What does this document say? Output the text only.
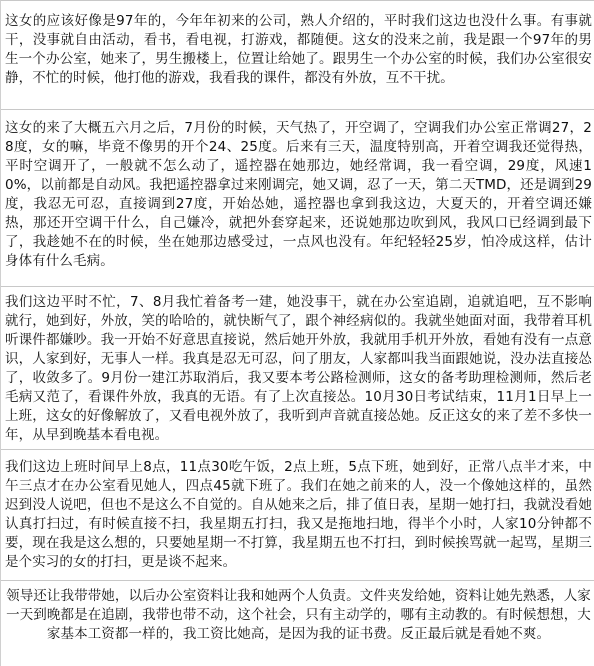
这女的应该好像是97年的，今年年初来的公司，熟人介绍的，平时我们这边也没什么事。有事就干，没事就自由活动，看书，看电视，打游戏，都随便。这女的没来之前，我是跟一个97年的男生一个办公室，她来了，男生搬楼上，位置让给她了。跟男生一个办公室的时候，我们办公室很安静，不忙的时候，他打他的游戏，我看我的课件，都没有外放，互不干扰。
这女的来了大概五六月之后，7月份的时候，天气热了，开空调了，空调我们办公室正常调27，28度，女的嘛，毕竟不像男的开个24、25度。后来有三天，温度特别高，开着空调我还觉得热，平时空调开了，一般就不怎么动了，遥控器在她那边，她经常调，我一看空调，29度，风速10%，以前都是自动风。我把遥控器拿过来刚调完，她又调，忍了一天，第二天TMD，还是调到29度，我忍无可忍，直接调到27度，开始怂她，遥控器也拿到我这边，大夏天的，开着空调还嫌热，那还开空调干什么，自己嫌冷，就把外套穿起来，还说她那边吹到风，我风口已经调到最下了，我趁她不在的时候，坐在她那边感受过，一点风也没有。年纪轻轻25岁，怕冷成这样，估计身体有什么毛病。
我们这边平时不忙，7、8月我忙着备考一建，她没事干，就在办公室追剧，追就追吧，互不影响就行，她到好，外放，笑的哈哈的，就快断气了，跟个神经病似的。我就坐她面对面，我带着耳机听课件都嫌吵。我一开始不好意思直接说，然后她开外放，我就用手机开外放，看她有没有一点意识，人家到好，无事人一样。我真是忍无可忍，问了朋友，人家都叫我当面跟她说，没办法直接怂了，收敛多了。9月份一建江苏取消后，我又要本考公路检测师，这女的备考助理检测师，然后老毛病又范了，看课件外放，我真的无语。有了上次直接怂。10月30日考试结束，11月1日早上一上班，这女的好像解放了，又看电视外放了，我听到声音就直接怂她。反正这女的来了差不多快一年，从早到晚基本看电视。
我们这边上班时间早上8点，11点30吃午饭，2点上班，5点下班，她到好，正常八点半才来，中午三点才在办公室看见她人，四点45就下班了。我们在她之前来的人，没一个像她这样的，虽然迟到没人说吧，但也不是这么不自觉的。自从她来之后，排了值日表，星期一她打扫，我就没看她认真打扫过，有时候直接不扫，我星期五打扫，我又是拖地扫地，得半个小时，人家10分钟都不要，现在我是这么想的，只要她星期一不打算，我星期五也不打扫，到时候挨骂就一起骂，星期三是个实习的女的打扫，更是谈不起来。
领导还让我带带她，以后办公室资料让我和她两个人负责。文件夹发给她，资料让她先熟悉，人家一天到晚都是在追剧，我带也带不动，这个社会，只有主动学的，哪有主动教的。有时候想想，大家基本工资都一样的，我工资比她高，是因为我的证书费。反正最后就是看她不爽。
